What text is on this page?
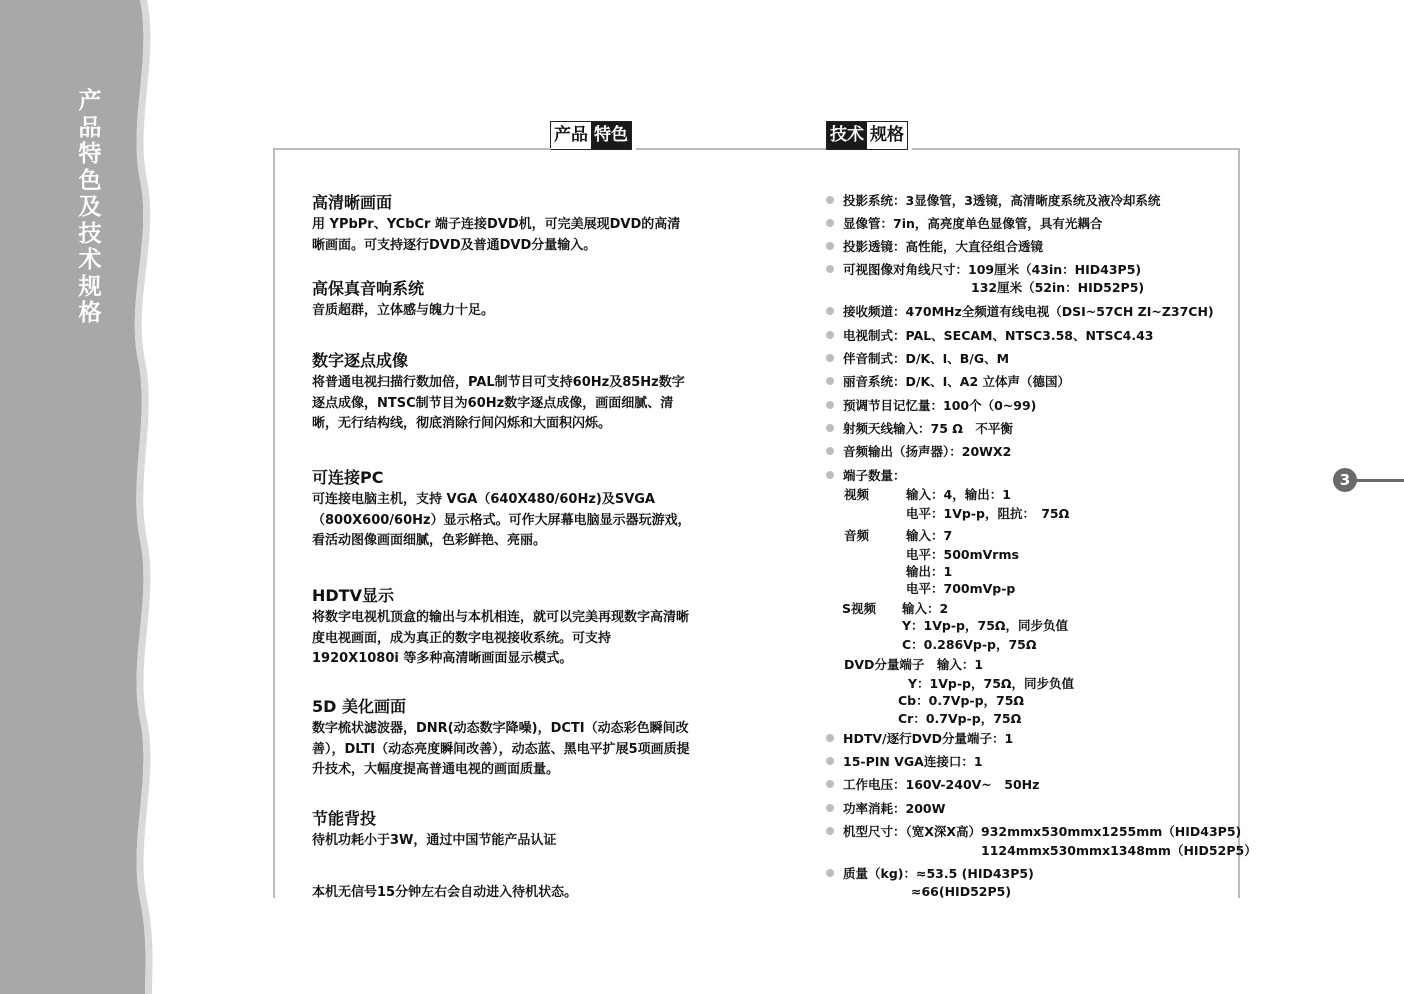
产
品
特
色
及
技
术
规
格
产品 特色	技术 规格
高清晰画面
用 YPbPr、YCbCr 端子连接DVD机，可完美展现DVD的高清晰画面。可支持逐行DVD及普通DVD分量输入。
高保真音响系统
音质超群，立体感与魄力十足。
数字逐点成像
将普通电视扫描行数加倍，PAL制节目可支持60Hz及85Hz数字逐点成像，NTSC制节目为60Hz数字逐点成像，画面细腻、清晰，无行结构线，彻底消除行间闪烁和大面积闪烁。
可连接PC
可连接电脑主机，支持 VGA（640X480/60Hz)及SVGA（800X600/60Hz）显示格式。可作大屏幕电脑显示器玩游戏，看活动图像画面细腻，色彩鲜艳、亮丽。
HDTV显示
将数字电视机顶盒的输出与本机相连，就可以完美再现数字高清晰度电视画面，成为真正的数字电视接收系统。可支持1920X1080i 等多种高清晰画面显示模式。
5D 美化画面
数字梳状滤波器，DNR(动态数字降噪)，DCTI（动态彩色瞬间改善），DLTI（动态亮度瞬间改善），动态蓝、黑电平扩展5项画质提升技术，大幅度提高普通电视的画面质量。
节能背投
待机功耗小于3W，通过中国节能产品认证
本机无信号15分钟左右会自动进入待机状态。
投影系统：3显像管，3透镜，高清晰度系统及液冷却系统
显像管：7in，高亮度单色显像管，具有光耦合
投影透镜：高性能，大直径组合透镜
可视图像对角线尺寸：109厘米（43in：HID43P5)
132厘米（52in：HID52P5)
接收频道：470MHz全频道有线电视（DSI~57CH ZI~Z37CH)
电视制式：PAL、SECAM、NTSC3.58、NTSC4.43
伴音制式：D/K、I、B/G、M
丽音系统：D/K、I、A2 立体声（德国）
预调节目记忆量：100个（0~99)
射频天线输入：75 Ω　不平衡
音频输出（扬声器）：20WX2
端子数量：
视频	输入：4，输出：1
电平：1Vp-p，阻抗：　75Ω
音频	输入：7
电平：500mVrms
输出：1
电平：700mVp-p
S视频 输入：2
Y：1Vp-p，75Ω，同步负值
C：0.286Vp-p，75Ω
DVD分量端子　输入：1
Y：1Vp-p，75Ω，同步负值
Cb：0.7Vp-p，75Ω
Cr：0.7Vp-p，75Ω
HDTV/逐行DVD分量端子：1
15-PIN VGA连接口：1
工作电压：160V-240V~　50Hz
功率消耗：200W
机型尺寸：（宽X深X高）932mmx530mmx1255mm（HID43P5)
1124mmx530mmx1348mm（HID52P5）
质量（kg)：≈53.5 (HID43P5)
≈66(HID52P5)
3
